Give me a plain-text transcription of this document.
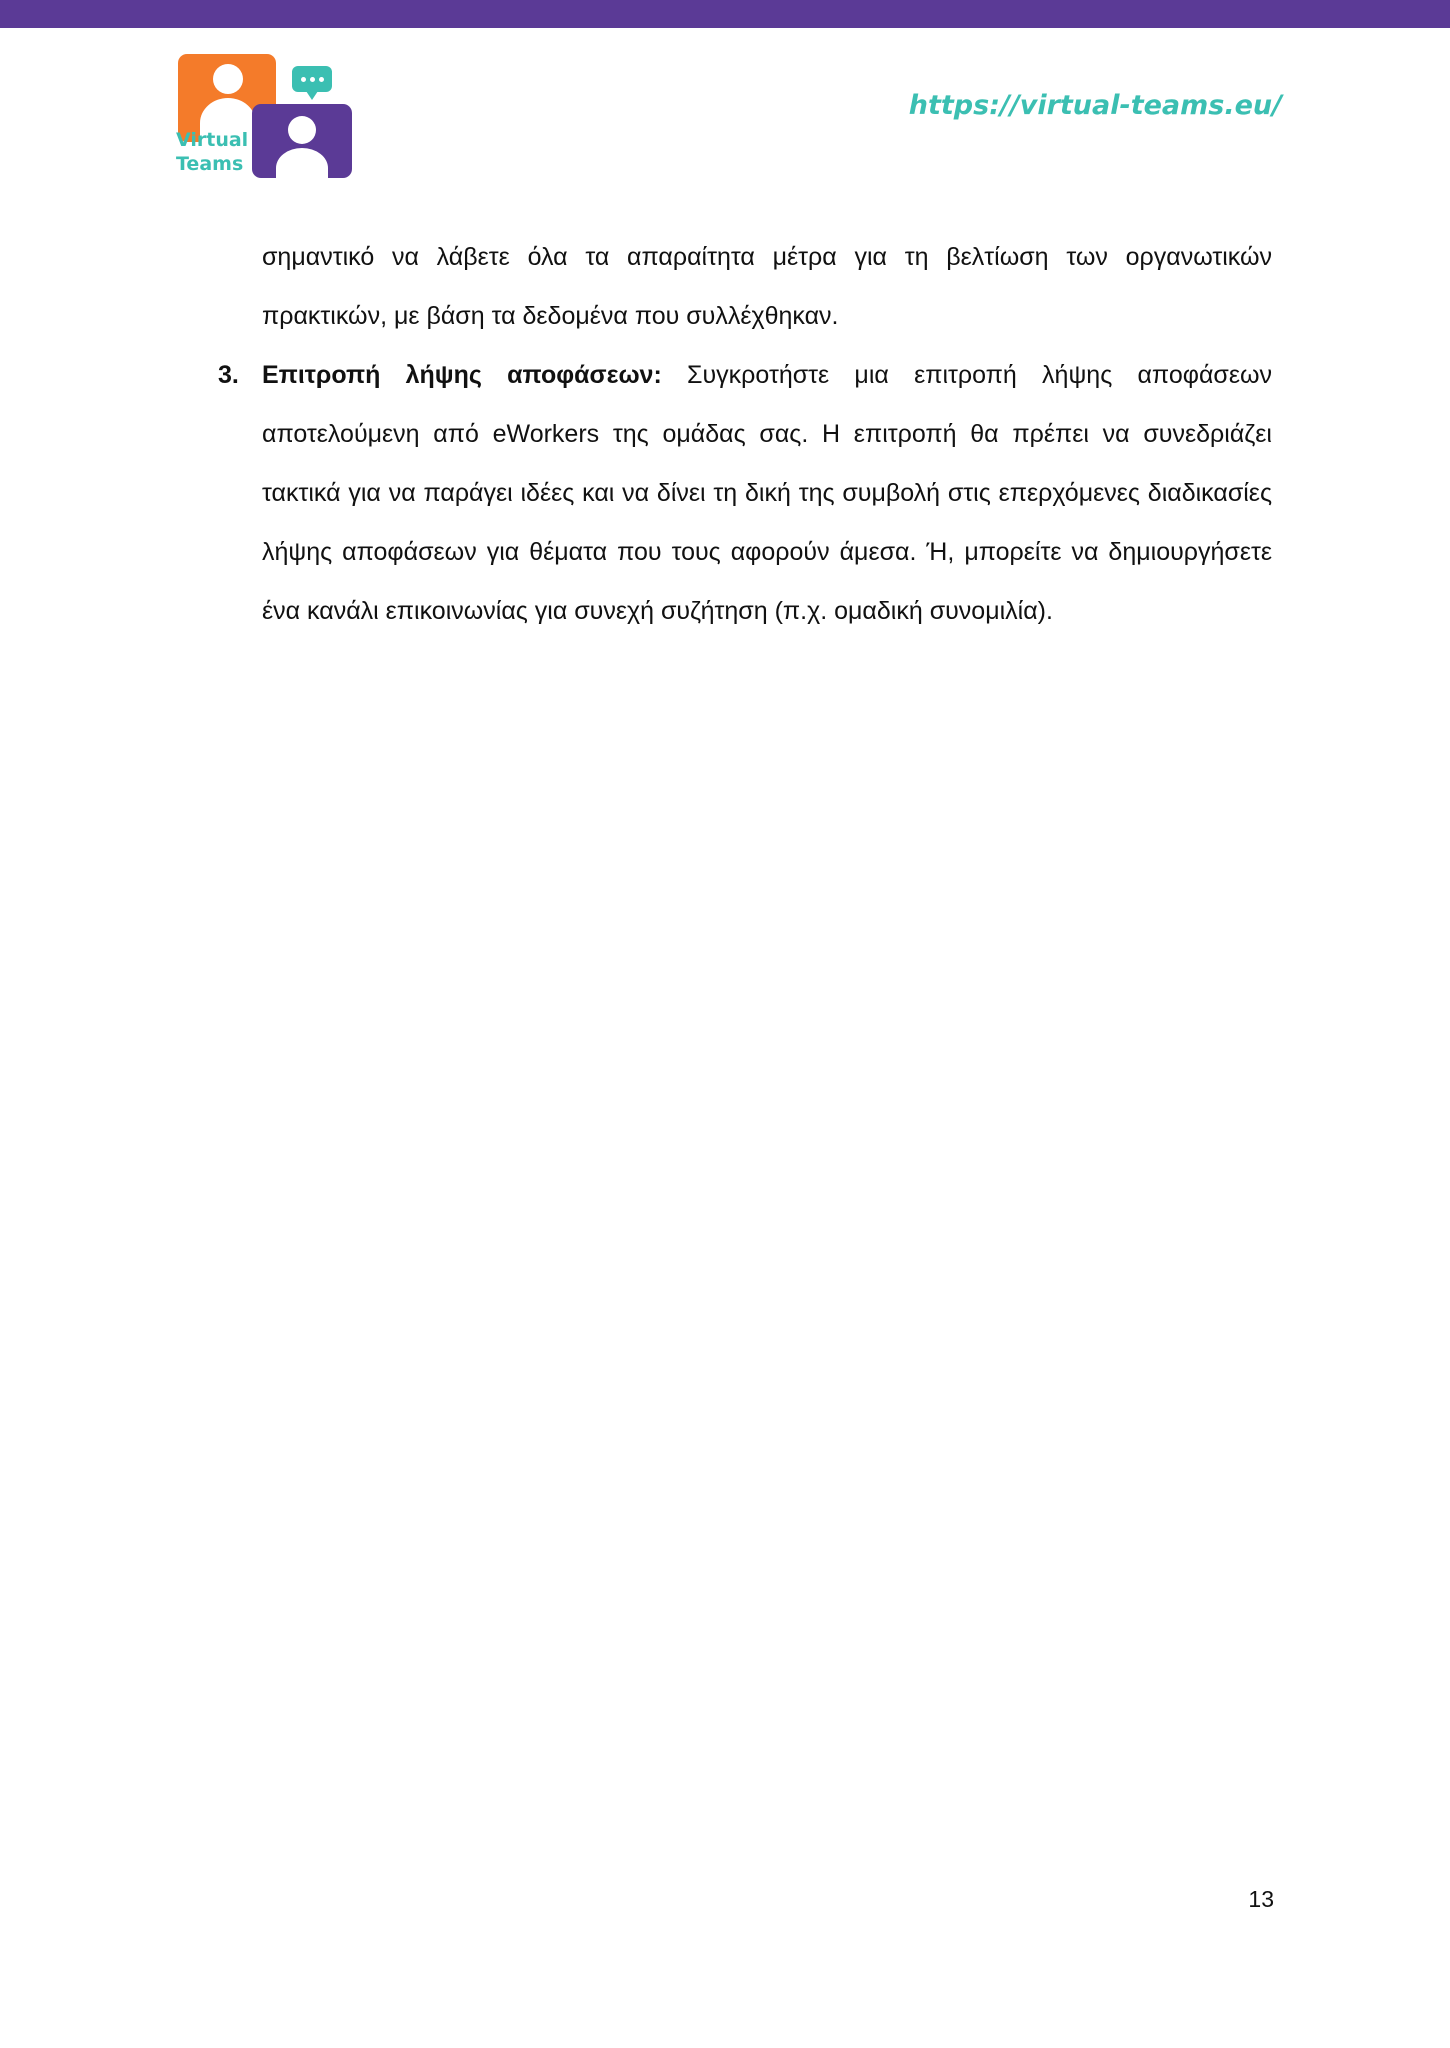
Virtual
Teams
https://virtual-teams.eu/

σημαντικό να λάβετε όλα τα απαραίτητα μέτρα για τη βελτίωση των οργανωτικών πρακτικών, με βάση τα δεδομένα που συλλέχθηκαν.

3. Επιτροπή λήψης αποφάσεων: Συγκροτήστε μια επιτροπή λήψης αποφάσεων αποτελούμενη από eWorkers της ομάδας σας. Η επιτροπή θα πρέπει να συνεδριάζει τακτικά για να παράγει ιδέες και να δίνει τη δική της συμβολή στις επερχόμενες διαδικασίες λήψης αποφάσεων για θέματα που τους αφορούν άμεσα. Ή, μπορείτε να δημιουργήσετε ένα κανάλι επικοινωνίας για συνεχή συζήτηση (π.χ. ομαδική συνομιλία).

13
